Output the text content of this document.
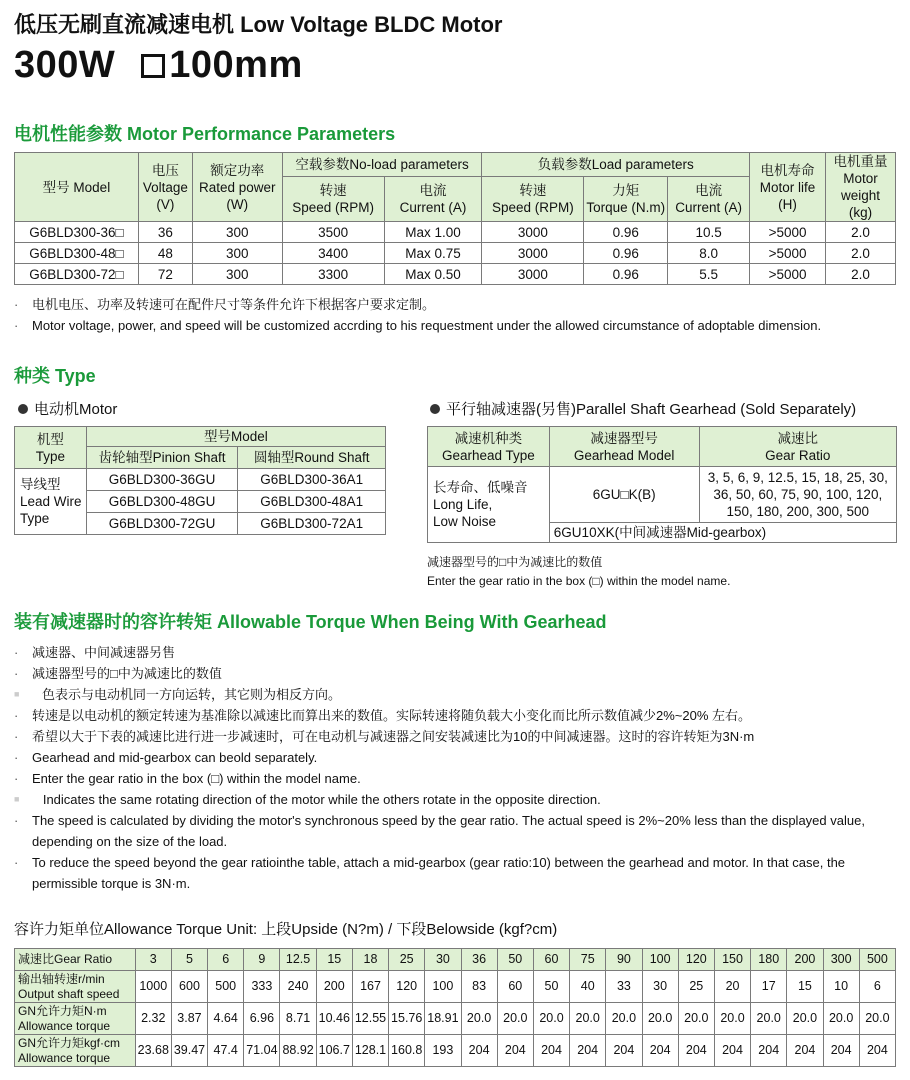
低压无刷直流减速电机 Low Voltage BLDC Motor
300W 100mm
电机性能参数 Motor Performance Parameters
型号 Model	电压
Voltage
(V)	额定功率
Rated power
(W)	空载参数No-load parameters		负载参数Load parameters			电机寿命
Motor life
(H)	电机重量
Motor weight
(kg)
			转速
Speed (RPM)	电流
Current (A)	转速
Speed (RPM)	力矩
Torque (N.m)	电流
Current (A)		
G6BLD300-36□	36	300	3500	Max 1.00	3000	0.96	10.5	>5000	2.0
G6BLD300-48□	48	300	3400	Max 0.75	3000	0.96	8.0	>5000	2.0
G6BLD300-72□	72	300	3300	Max 0.50	3000	0.96	5.5	>5000	2.0
· 电机电压、功率及转速可在配件尺寸等条件允许下根据客户要求定制。
· Motor voltage, power, and speed will be customized accrding to his requestment under the allowed circumstance of adoptable dimension.
种类 Type
电动机Motor	平行轴减速器(另售)Parallel Shaft Gearhead (Sold Separately)
机型
Type	型号Model	
	齿轮轴型Pinion Shaft	圆轴型Round Shaft
导线型
Lead Wire
Type	G6BLD300-36GU	G6BLD300-36A1
	G6BLD300-48GU	G6BLD300-48A1
	G6BLD300-72GU	G6BLD300-72A1
减速机种类
Gearhead Type	减速器型号
Gearhead Model	减速比
Gear Ratio
长寿命、低噪音
Long Life,
Low Noise	6GU□K(B)	3, 5, 6, 9, 12.5, 15, 18, 25, 30,
36, 50, 60, 75, 90, 100, 120,
150, 180, 200, 300, 500
	6GU10XK(中间减速器Mid-gearbox)	
减速器型号的□中为减速比的数值
Enter the gear ratio in the box (□) within the model name.
装有减速器时的容许转矩 Allowable Torque When Being With Gearhead
· 减速器、中间减速器另售
· 减速器型号的□中为减速比的数值
■ 色表示与电动机同一方向运转，其它则为相反方向。
· 转速是以电动机的额定转速为基准除以减速比而算出来的数值。实际转速将随负载大小变化而比所示数值减少2%~20% 左右。
· 希望以大于下表的减速比进行进一步减速时，可在电动机与减速器之间安装减速比为10的中间减速器。这时的容许转矩为3N·m
· Gearhead and mid-gearbox can beold separately.
· Enter the gear ratio in the box (□) within the model name.
■ Indicates the same rotating direction of the motor while the others rotate in the opposite direction.
· The speed is calculated by dividing the motor's synchronous speed by the gear ratio. The actual speed is 2%~20% less than the displayed value, depending on the size of the load.
· To reduce the speed beyond the gear ratiointhe table, attach a mid-gearbox (gear ratio:10) between the gearhead and motor. In that case, the permissible torque is 3N·m.
容许力矩单位Allowance Torque Unit: 上段Upside (N?m) / 下段Belowside (kgf?cm)
减速比Gear Ratio	3	5	6	9	12.5	15	18	25	30	36	50	60	75	90	100	120	150	180	200	300	500
输出轴转速r/min
Output shaft speed	1000	600	500	333	240	200	167	120	100	83	60	50	40	33	30	25	20	17	15	10	6
GN允许力矩N·m
Allowance torque	2.32	3.87	4.64	6.96	8.71	10.46	12.55	15.76	18.91	20.0	20.0	20.0	20.0	20.0	20.0	20.0	20.0	20.0	20.0	20.0	20.0
GN允许力矩kgf·cm
Allowance torque	23.68	39.47	47.4	71.04	88.92	106.7	128.1	160.8	193	204	204	204	204	204	204	204	204	204	204	204	204
